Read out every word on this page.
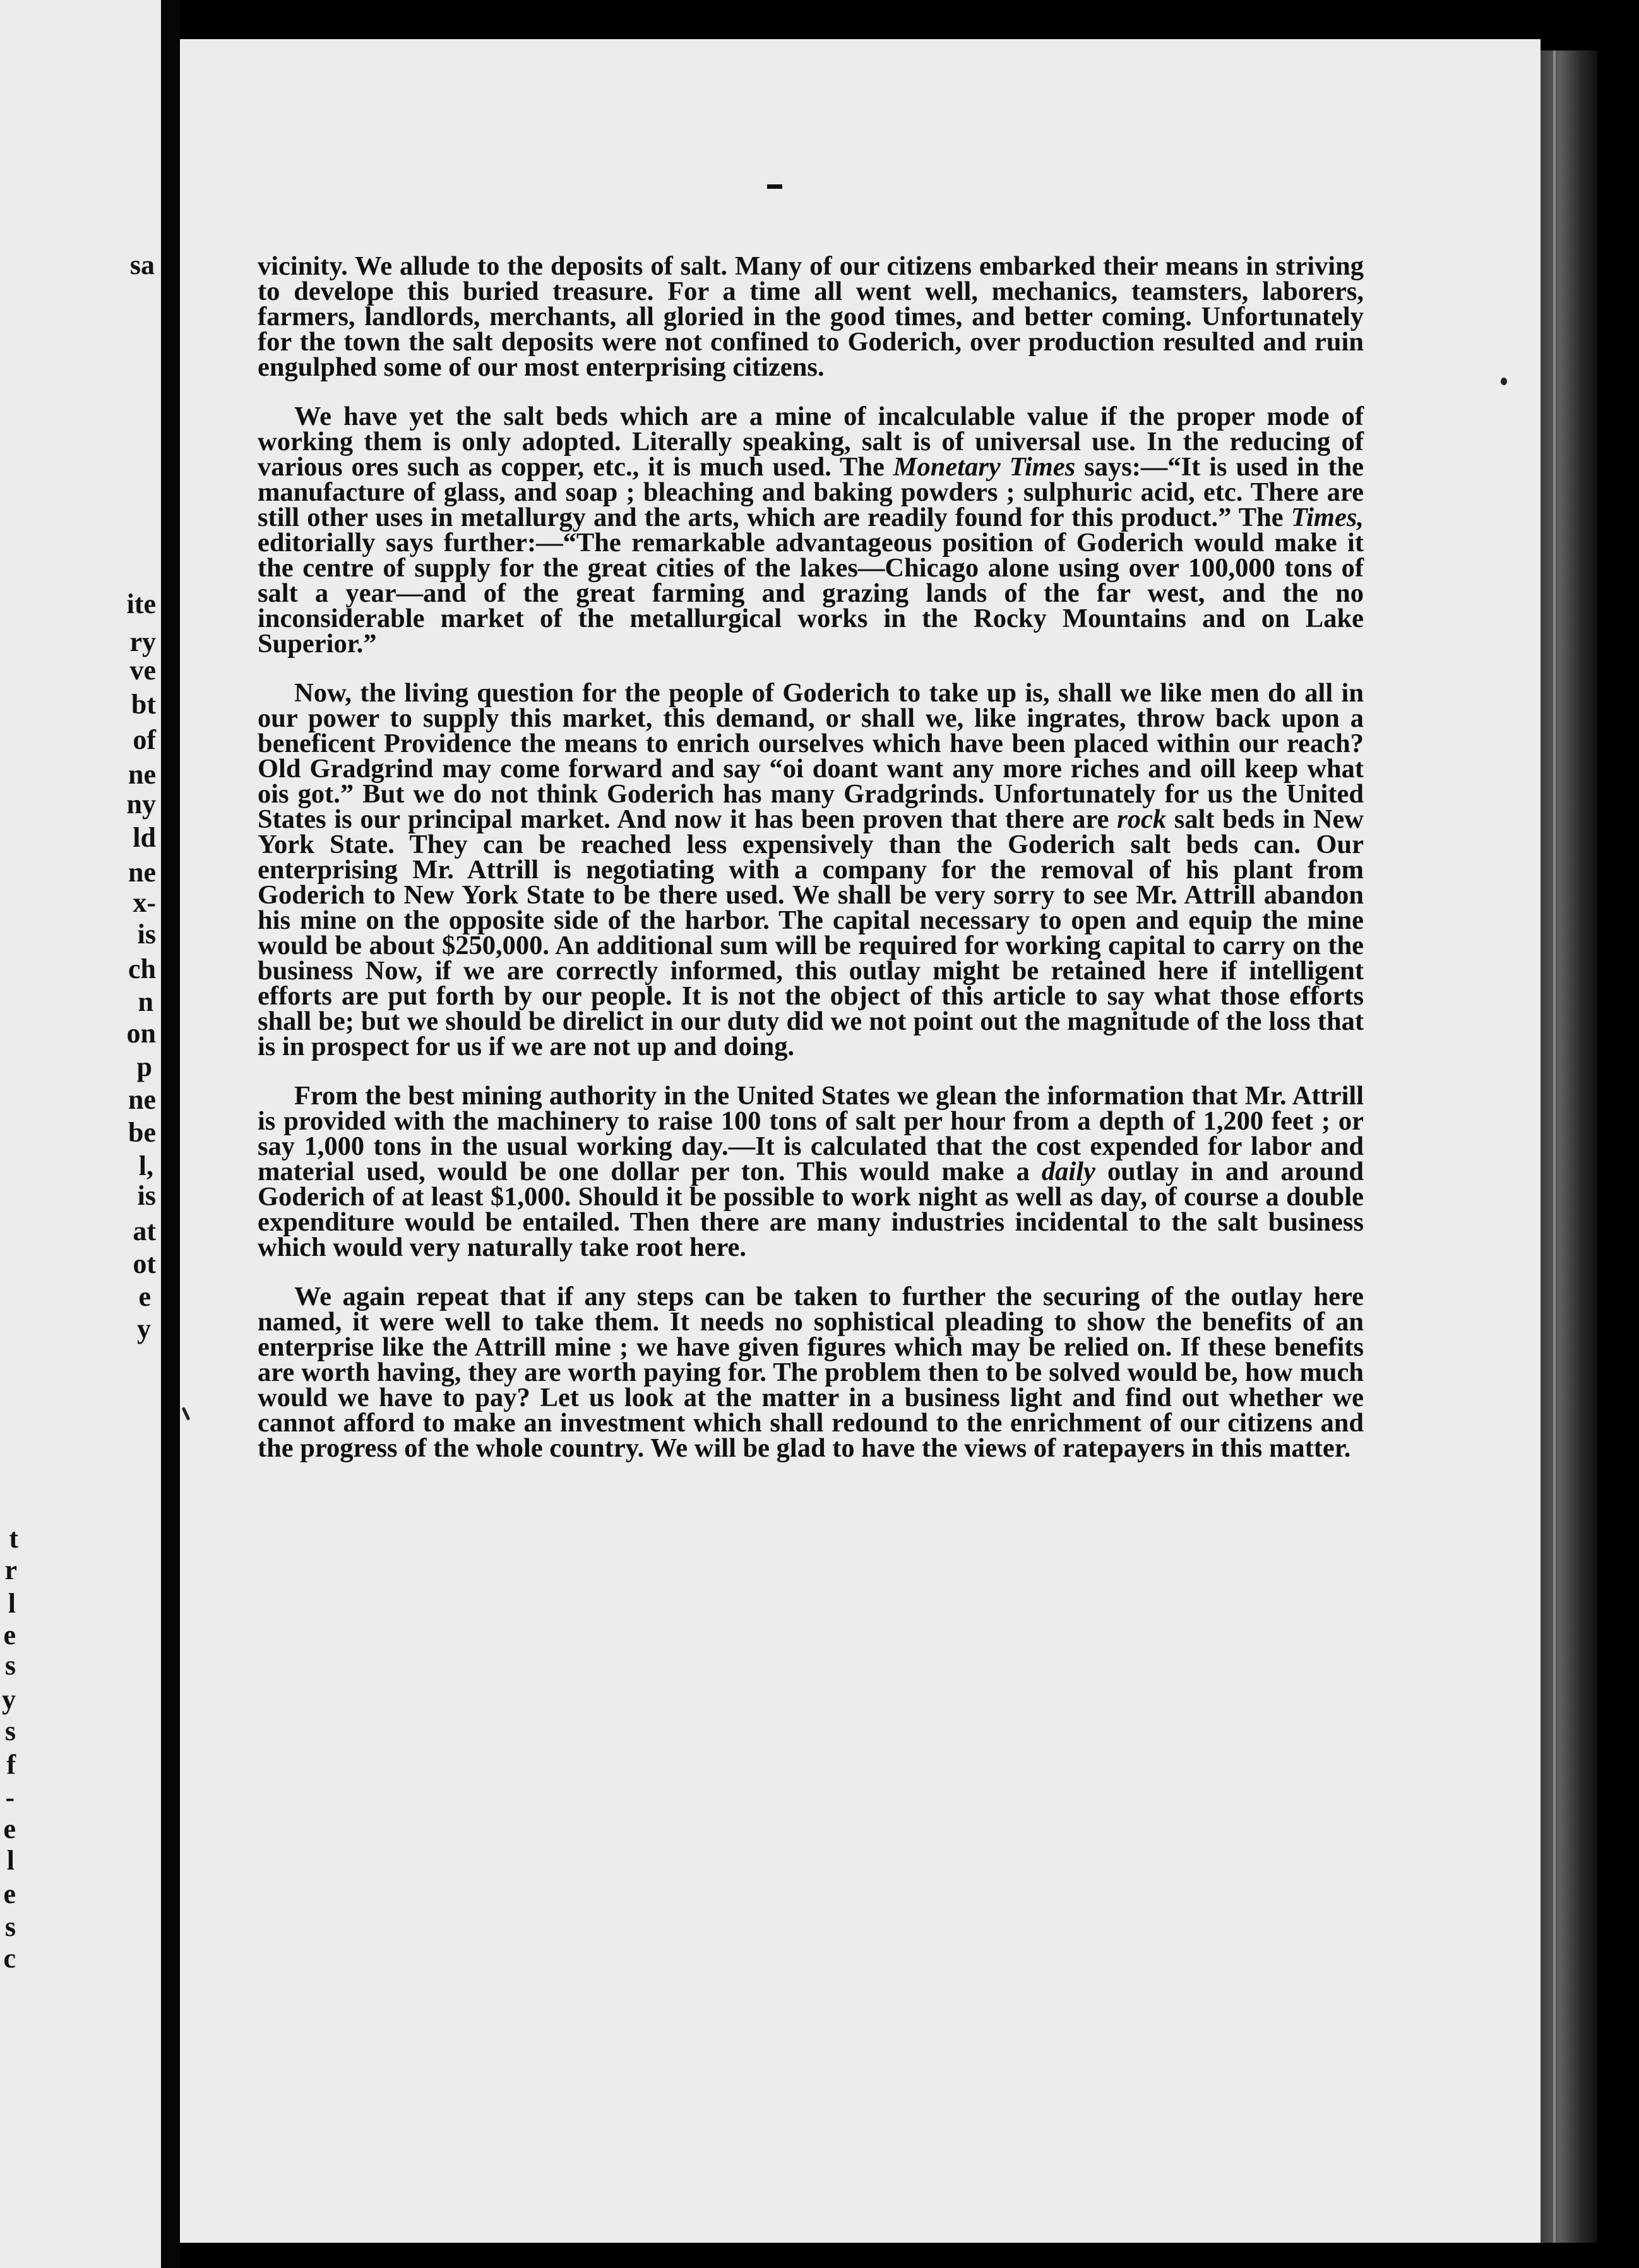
sa
ite
ry
ve
bt
of
ne
ny
ld
ne
x-
is
ch
n
on
p
ne
be
l,
is
at
ot
e
y
t
r
l
e
s
y
s
f
-
e
l
e
s
c

vicinity. We allude to the deposits of salt. Many of our citizens embarked their means in striving to develope this buried treasure. For a time all went well, mechanics, teamsters, laborers, farmers, landlords, merchants, all gloried in the good times, and better coming. Unfortunately for the town the salt deposits were not confined to Goderich, over production resulted and ruin engulphed some of our most enterprising citizens.

We have yet the salt beds which are a mine of incalculable value if the proper mode of working them is only adopted. Literally speaking, salt is of universal use. In the reducing of various ores such as copper, etc., it is much used. The Monetary Times says:—“It is used in the manufacture of glass, and soap ; bleaching and baking powders ; sulphuric acid, etc. There are still other uses in metallurgy and the arts, which are readily found for this product.” The Times, editorially says further:—“The remarkable advantageous position of Goderich would make it the centre of supply for the great cities of the lakes—Chicago alone using over 100,000 tons of salt a year—and of the great farming and grazing lands of the far west, and the no inconsiderable market of the metallurgical works in the Rocky Mountains and on Lake Superior.”

Now, the living question for the people of Goderich to take up is, shall we like men do all in our power to supply this market, this demand, or shall we, like ingrates, throw back upon a beneficent Providence the means to enrich ourselves which have been placed within our reach? Old Gradgrind may come forward and say “oi doant want any more riches and oill keep what ois got.” But we do not think Goderich has many Gradgrinds. Unfortunately for us the United States is our principal market. And now it has been proven that there are rock salt beds in New York State. They can be reached less expensively than the Goderich salt beds can. Our enterprising Mr. Attrill is negotiating with a company for the removal of his plant from Goderich to New York State to be there used. We shall be very sorry to see Mr. Attrill abandon his mine on the opposite side of the harbor. The capital necessary to open and equip the mine would be about $250,000. An additional sum will be required for working capital to carry on the business Now, if we are correctly informed, this outlay might be retained here if intelligent efforts are put forth by our people. It is not the object of this article to say what those efforts shall be; but we should be direlict in our duty did we not point out the magnitude of the loss that is in prospect for us if we are not up and doing.

From the best mining authority in the United States we glean the information that Mr. Attrill is provided with the machinery to raise 100 tons of salt per hour from a depth of 1,200 feet ; or say 1,000 tons in the usual working day.—It is calculated that the cost expended for labor and material used, would be one dollar per ton. This would make a daily outlay in and around Goderich of at least $1,000. Should it be possible to work night as well as day, of course a double expenditure would be entailed. Then there are many industries incidental to the salt business which would very naturally take root here.

We again repeat that if any steps can be taken to further the securing of the outlay here named, it were well to take them. It needs no sophistical pleading to show the benefits of an enterprise like the Attrill mine ; we have given figures which may be relied on. If these benefits are worth having, they are worth paying for. The problem then to be solved would be, how much would we have to pay? Let us look at the matter in a business light and find out whether we cannot afford to make an investment which shall redound to the enrichment of our citizens and the progress of the whole country. We will be glad to have the views of ratepayers in this matter.
